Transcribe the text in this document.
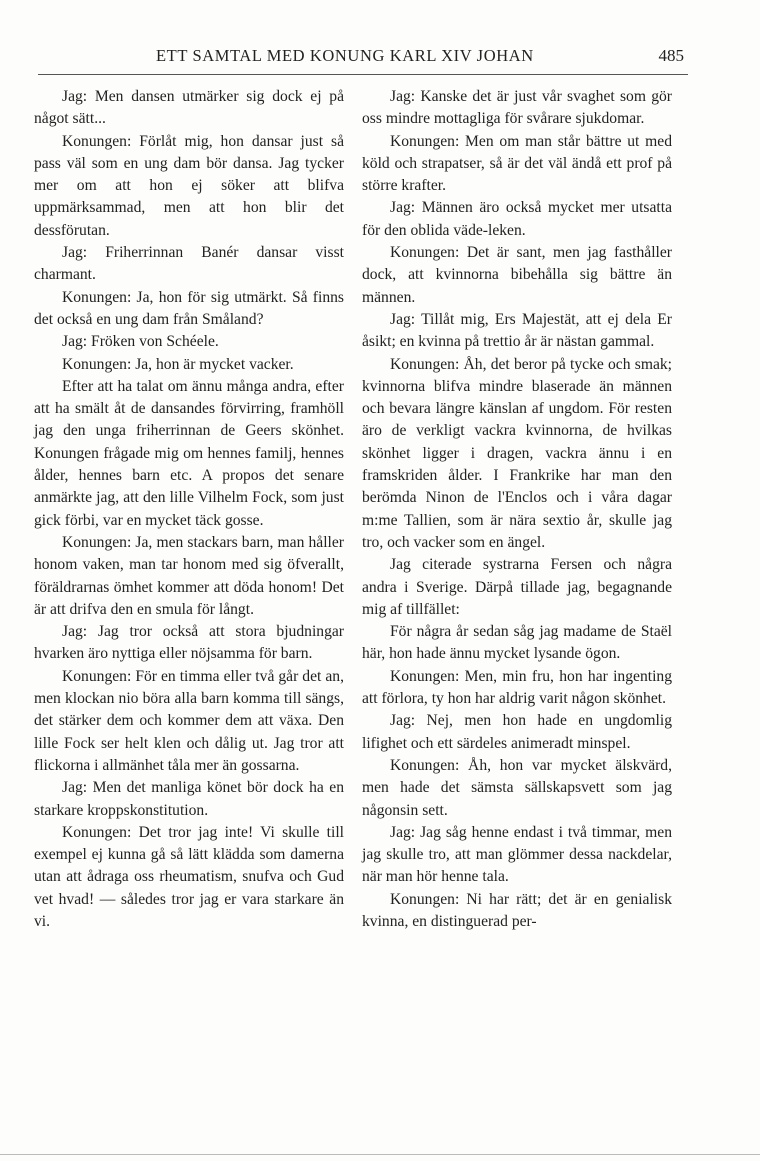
ETT SAMTAL MED KONUNG KARL XIV JOHAN	485

Jag: Men dansen utmärker sig dock ej på något sätt...

Konungen: Förlåt mig, hon dansar just så pass väl som en ung dam bör dansa. Jag tycker mer om att hon ej söker att blifva uppmärksammad, men att hon blir det dessförutan.

Jag: Friherrinnan Banér dansar visst charmant.

Konungen: Ja, hon för sig utmärkt. Så finns det också en ung dam från Småland?

Jag: Fröken von Schéele.

Konungen: Ja, hon är mycket vacker.

Efter att ha talat om ännu många andra, efter att ha smält åt de dansandes förvirring, framhöll jag den unga friherrinnan de Geers skönhet. Konungen frågade mig om hennes familj, hennes ålder, hennes barn etc. A propos det senare anmärkte jag, att den lille Vilhelm Fock, som just gick förbi, var en mycket täck gosse.

Konungen: Ja, men stackars barn, man håller honom vaken, man tar honom med sig öfverallt, föräldrarnas ömhet kommer att döda honom! Det är att drifva den en smula för långt.

Jag: Jag tror också att stora bjudningar hvarken äro nyttiga eller nöjsamma för barn.

Konungen: För en timma eller två går det an, men klockan nio böra alla barn komma till sängs, det stärker dem och kommer dem att växa. Den lille Fock ser helt klen och dålig ut. Jag tror att flickorna i allmänhet tåla mer än gossarna.

Jag: Men det manliga könet bör dock ha en starkare kroppskonstitution.

Konungen: Det tror jag inte! Vi skulle till exempel ej kunna gå så lätt klädda som damerna utan att ådraga oss rheumatism, snufva och Gud vet hvad! — således tror jag er vara starkare än vi.

Jag: Kanske det är just vår svaghet som gör oss mindre mottagliga för svårare sjukdomar.

Konungen: Men om man står bättre ut med köld och strapatser, så är det väl ändå ett prof på större krafter.

Jag: Männen äro också mycket mer utsatta för den oblida väde-leken.

Konungen: Det är sant, men jag fasthåller dock, att kvinnorna bibehålla sig bättre än männen.

Jag: Tillåt mig, Ers Majestät, att ej dela Er åsikt; en kvinna på trettio år är nästan gammal.

Konungen: Åh, det beror på tycke och smak; kvinnorna blifva mindre blaserade än männen och bevara längre känslan af ungdom. För resten äro de verkligt vackra kvinnorna, de hvilkas skönhet ligger i dragen, vackra ännu i en framskriden ålder. I Frankrike har man den berömda Ninon de l'Enclos och i våra dagar m:me Tallien, som är nära sextio år, skulle jag tro, och vacker som en ängel.

Jag citerade systrarna Fersen och några andra i Sverige. Därpå tillade jag, begagnande mig af tillfället:

För några år sedan såg jag madame de Staël här, hon hade ännu mycket lysande ögon.

Konungen: Men, min fru, hon har ingenting att förlora, ty hon har aldrig varit någon skönhet.

Jag: Nej, men hon hade en ungdomlig lifighet och ett särdeles animeradt minspel.

Konungen: Åh, hon var mycket älskvärd, men hade det sämsta sällskapsvett som jag någonsin sett.

Jag: Jag såg henne endast i två timmar, men jag skulle tro, att man glömmer dessa nackdelar, när man hör henne tala.

Konungen: Ni har rätt; det är en genialisk kvinna, en distinguerad per-
